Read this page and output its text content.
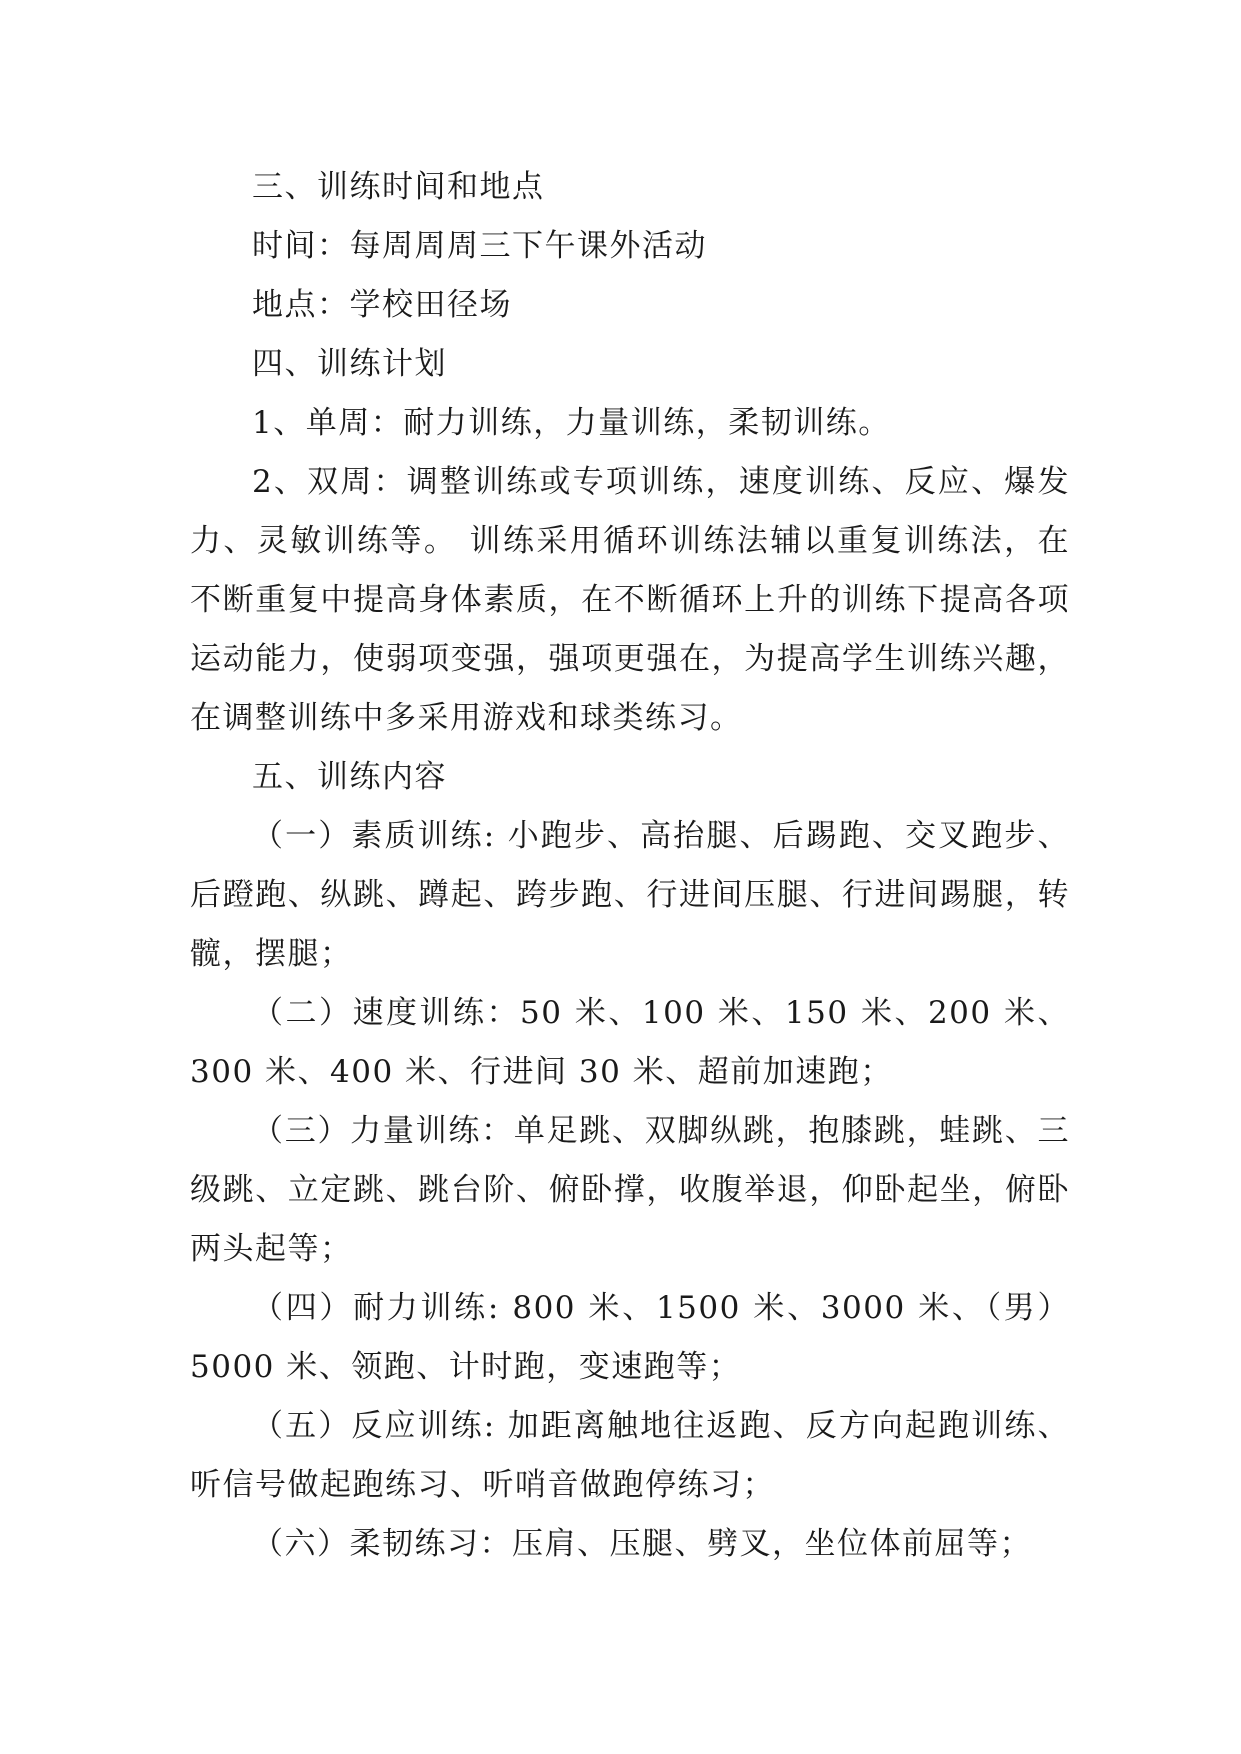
三、训练时间和地点

时间：每周周周三下午课外活动

地点：学校田径场

四、训练计划

1、单周：耐力训练，力量训练，柔韧训练。

2、双周：调整训练或专项训练，速度训练、反应、爆发力、灵敏训练等。 训练采用循环训练法辅以重复训练法，在不断重复中提高身体素质，在不断循环上升的训练下提高各项运动能力，使弱项变强，强项更强在，为提高学生训练兴趣，在调整训练中多采用游戏和球类练习。

五、训练内容

（一）素质训练: 小跑步、高抬腿、后踢跑、交叉跑步、后蹬跑、纵跳、蹲起、跨步跑、行进间压腿、行进间踢腿，转髋，摆腿；

（二）速度训练：50 米、100 米、150 米、200 米、300 米、400 米、行进间 30 米、超前加速跑；

（三）力量训练：单足跳、双脚纵跳，抱膝跳，蛙跳、三级跳、立定跳、跳台阶、俯卧撑，收腹举退，仰卧起坐，俯卧两头起等；

（四）耐力训练: 800 米、1500 米、3000 米、（男）5000 米、领跑、计时跑，变速跑等；

（五）反应训练: 加距离触地往返跑、反方向起跑训练、听信号做起跑练习、听哨音做跑停练习；

（六）柔韧练习：压肩、压腿、劈叉，坐位体前屈等；
